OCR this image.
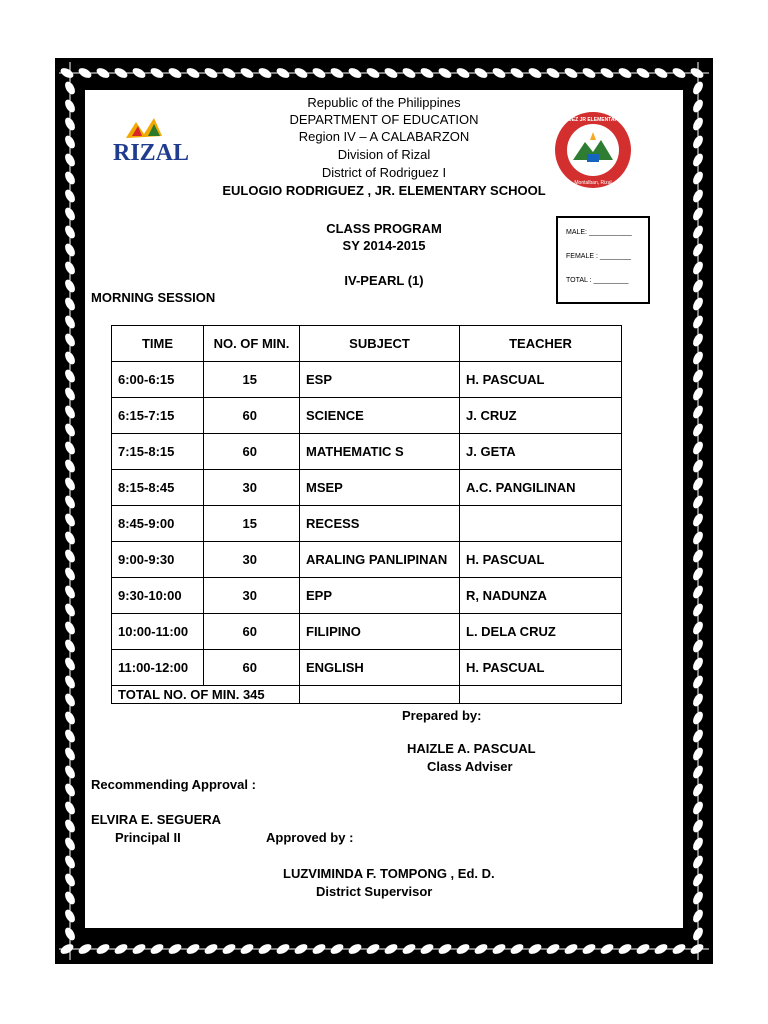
RIZAL
E. RODRIGUEZ JR ELEMENTARY SCHOOL
Montalban, Rizal
Republic of the Philippines
DEPARTMENT OF EDUCATION
Region IV – A CALABARZON
Division of Rizal
District of Rodriguez I
EULOGIO RODRIGUEZ , JR. ELEMENTARY SCHOOL
CLASS PROGRAM
SY 2014-2015
IV-PEARL (1)
MALE: ___________
FEMALE : ________
TOTAL : _________
MORNING SESSION
TIME	NO. OF MIN.	SUBJECT	TEACHER
6:00-6:15	15	ESP	H. PASCUAL
6:15-7:15	60	SCIENCE	J. CRUZ
7:15-8:15	60	MATHEMATIC S	J. GETA
8:15-8:45	30	MSEP	A.C. PANGILINAN
8:45-9:00	15	RECESS	
9:00-9:30	30	ARALING PANLIPINAN	H. PASCUAL
9:30-10:00	30	EPP	R, NADUNZA
10:00-11:00	60	FILIPINO	L. DELA CRUZ
11:00-12:00	60	ENGLISH	H. PASCUAL
TOTAL NO. OF MIN. 345			
Prepared by:
HAIZLE A. PASCUAL
Class Adviser
Recommending Approval :
ELVIRA E. SEGUERA
Principal II	Approved by :
LUZVIMINDA F. TOMPONG , Ed. D.
District Supervisor
